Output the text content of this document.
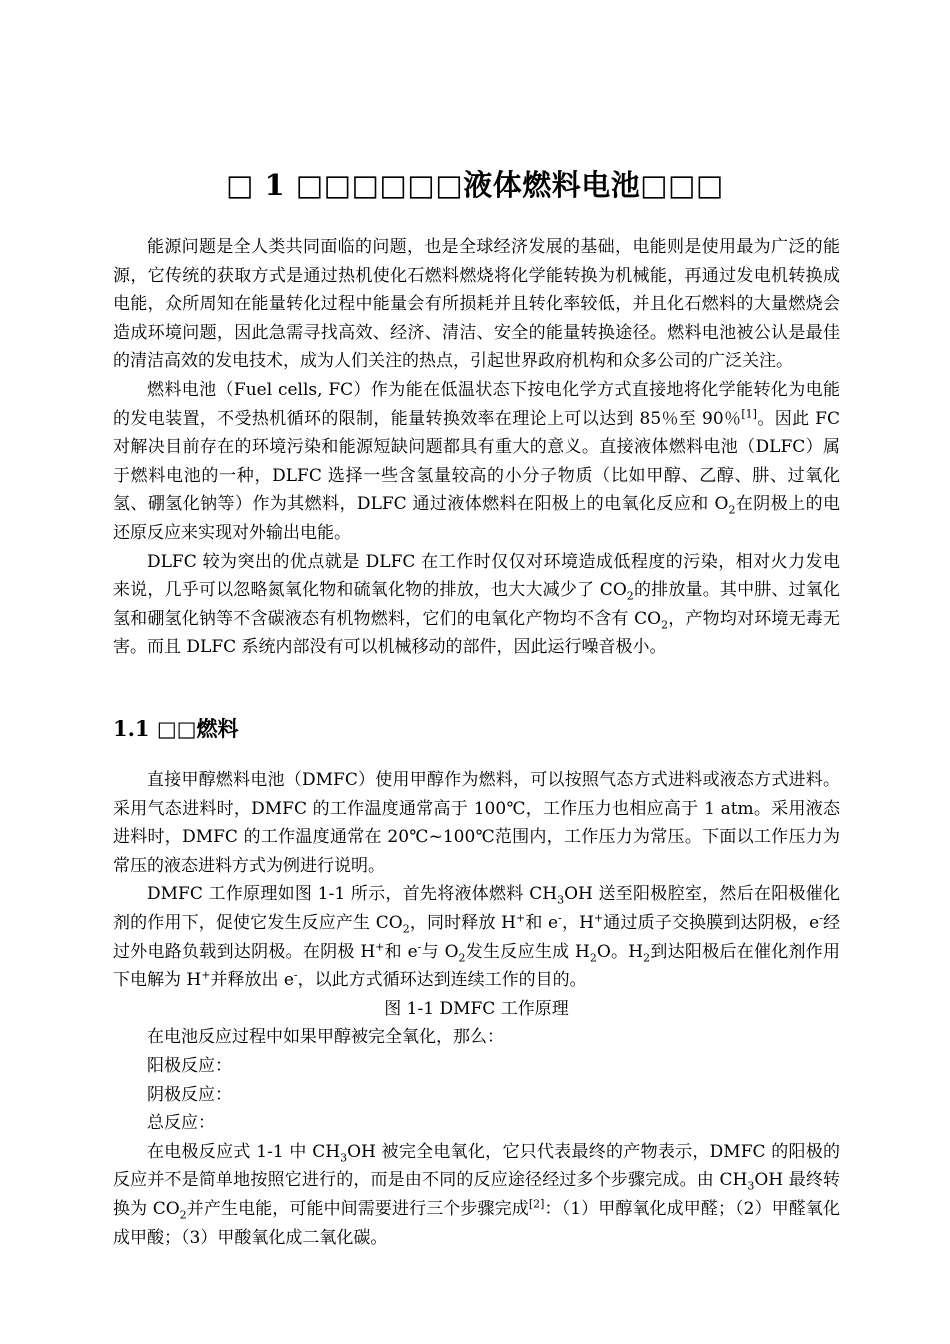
□ 1 □□□□□□液体燃料电池□□□

能源问题是全人类共同面临的问题，也是全球经济发展的基础，电能则是使用最为广泛的能源，它传统的获取方式是通过热机使化石燃料燃烧将化学能转换为机械能，再通过发电机转换成电能，众所周知在能量转化过程中能量会有所损耗并且转化率较低，并且化石燃料的大量燃烧会造成环境问题，因此急需寻找高效、经济、清洁、安全的能量转换途径。燃料电池被公认是最佳的清洁高效的发电技术，成为人们关注的热点，引起世界政府机构和众多公司的广泛关注。

燃料电池（Fuel cells, FC）作为能在低温状态下按电化学方式直接地将化学能转化为电能的发电装置，不受热机循环的限制，能量转换效率在理论上可以达到 85％至 90％[1]。因此 FC 对解决目前存在的环境污染和能源短缺问题都具有重大的意义。直接液体燃料电池（DLFC）属于燃料电池的一种，DLFC 选择一些含氢量较高的小分子物质（比如甲醇、乙醇、肼、过氧化氢、硼氢化钠等）作为其燃料，DLFC 通过液体燃料在阳极上的电氧化反应和 $O_2$在阴极上的电还原反应来实现对外输出电能。

DLFC 较为突出的优点就是 DLFC 在工作时仅仅对环境造成低程度的污染，相对火力发电来说，几乎可以忽略氮氧化物和硫氧化物的排放，也大大减少了 $CO_2$的排放量。其中肼、过氧化氢和硼氢化钠等不含碳液态有机物燃料，它们的电氧化产物均不含有 $CO_2$，产物均对环境无毒无害。而且 DLFC 系统内部没有可以机械移动的部件，因此运行噪音极小。

1.1 □□燃料

直接甲醇燃料电池（DMFC）使用甲醇作为燃料，可以按照气态方式进料或液态方式进料。采用气态进料时，DMFC 的工作温度通常高于 100℃，工作压力也相应高于 1 atm。采用液态进料时，DMFC 的工作温度通常在 20℃~100℃范围内，工作压力为常压。下面以工作压力为常压的液态进料方式为例进行说明。

DMFC 工作原理如图 1-1 所示，首先将液体燃料 $CH_3OH$ 送至阳极腔室，然后在阳极催化剂的作用下，促使它发生反应产生 $CO_2$，同时释放 H+和 e-，H+通过质子交换膜到达阴极，e-经过外电路负载到达阴极。在阴极 H+和 e-与 $O_2$发生反应生成 $H_2O$。$H_2$到达阳极后在催化剂作用下电解为 H+并释放出 e-，以此方式循环达到连续工作的目的。

图 1-1 DMFC 工作原理

在电池反应过程中如果甲醇被完全氧化，那么：

阳极反应：

阴极反应：

总反应：

在电极反应式 1-1 中 $CH_3OH$ 被完全电氧化，它只代表最终的产物表示，DMFC 的阳极的反应并不是简单地按照它进行的，而是由不同的反应途径经过多个步骤完成。由 $CH_3OH$ 最终转换为 $CO_2$并产生电能，可能中间需要进行三个步骤完成[2]：（1）甲醇氧化成甲醛；（2）甲醛氧化成甲酸；（3）甲酸氧化成二氧化碳。
